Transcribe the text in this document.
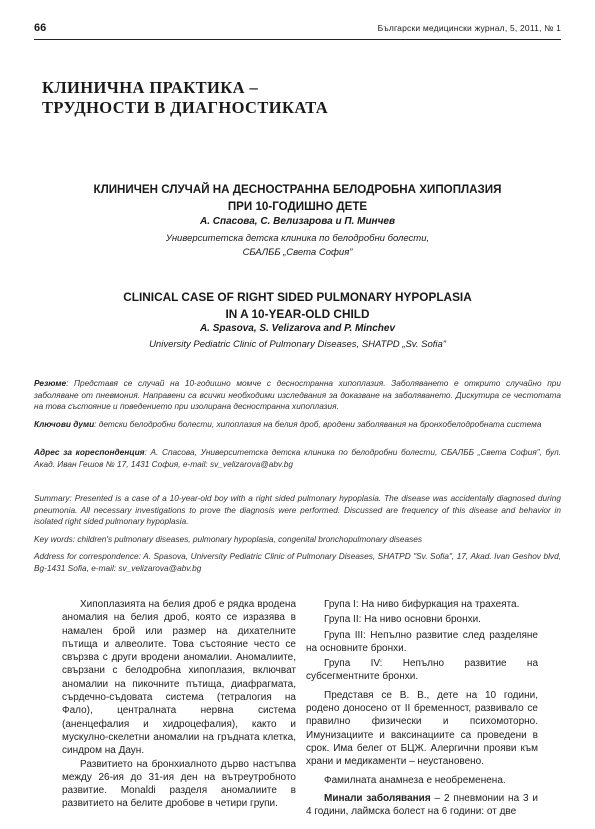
66	Български медицински журнал, 5, 2011, № 1
КЛИНИЧНА ПРАКТИКА –
ТРУДНОСТИ В ДИАГНОСТИКАТА
КЛИНИЧЕН СЛУЧАЙ НА ДЕСНОСТРАННА БЕЛОДРОБНА ХИПОПЛАЗИЯ
ПРИ 10-ГОДИШНО ДЕТЕ
А. Спасова, С. Велизарова и П. Минчев
Университетска детска клиника по белодробни болести,
СБАЛББ „Света София”
CLINICAL CASE OF RIGHT SIDED PULMONARY HYPOPLASIA
IN A 10-YEAR-OLD CHILD
A. Spasova, S. Velizarova and P. Minchev
University Pediatric Clinic of Pulmonary Diseases, SHATPD „Sv. Sofia”
Резюме: Представя се случай на 10-годишно момче с десностранна хипоплазия. Заболяването е открито случайно при заболяване от пневмония. Направени са всички необходими изследвания за доказване на заболяването. Дискутира се честотата на това състояние и поведението при изолирана десностранна хипоплазия.
Ключови думи: детски белодробни болести, хипоплазия на белия дроб, вродени заболявания на бронхобелодробната система
Адрес за кореспонденция: А. Спасова, Университетска детска клиника по белодробни болести, СБАЛББ „Света София”, бул. Акад. Иван Гешов № 17, 1431 София, e-mail: sv_velizarova@abv.bg
Summary: Presented is a case of a 10-year-old boy with a right sided pulmonary hypoplasia. The disease was accidentally diagnosed during pneumonia. All necessary investigations to prove the diagnosis were performed. Discussed are frequency of this disease and behavior in isolated right sided pulmonary hypoplasia.
Key words: children's pulmonary diseases, pulmonary hypoplasia, congenital bronchopulmonary diseases
Address for correspondence: A. Spasova, University Pediatric Clinic of Pulmonary Diseases, SHATPD "Sv. Sofia", 17, Akad. Ivan Geshov blvd, Bg-1431 Sofia, e-mail: sv_velizarova@abv.bg

Хипоплазията на белия дроб е рядка вродена аномалия на белия дроб, която се изразява в намален брой или размер на дихателните пътища и алвеолите. Това състояние често се свързва с други вродени аномалии. Аномалиите, свързани с белодробна хипоплазия, включват аномалии на пикочните пътища, диафрагмата, сърдечно-съдовата система (тетралогия на Фало), централната нервна система (аненцефалия и хидроцефалия), както и мускулно-скелетни аномалии на гръдната клетка, синдром на Даун.

Развитието на бронхиалното дърво настъпва между 26-ия до 31-ия ден на вътреутробното развитие. Monaldi разделя аномалиите в развитието на белите дробове в четири групи.

Група I: На ниво бифуркация на трахеята.

Група II: На ниво основни бронхи.

Група III: Непълно развитие след разделяне на основните бронхи.

Група IV: Непълно развитие на субсегментните бронхи.

Представя се В. В., дете на 10 години, родено доносено от II бременност, развивало се правилно физически и психомоторно. Имунизациите и ваксинациите са проведени в срок. Има белег от БЦЖ. Алергични прояви към храни и медикаменти – неустановено.

Фамилната анамнеза е необременена.

Минали заболявания – 2 пневмонии на 3 и 4 години, лаймска болест на 6 години: от две
